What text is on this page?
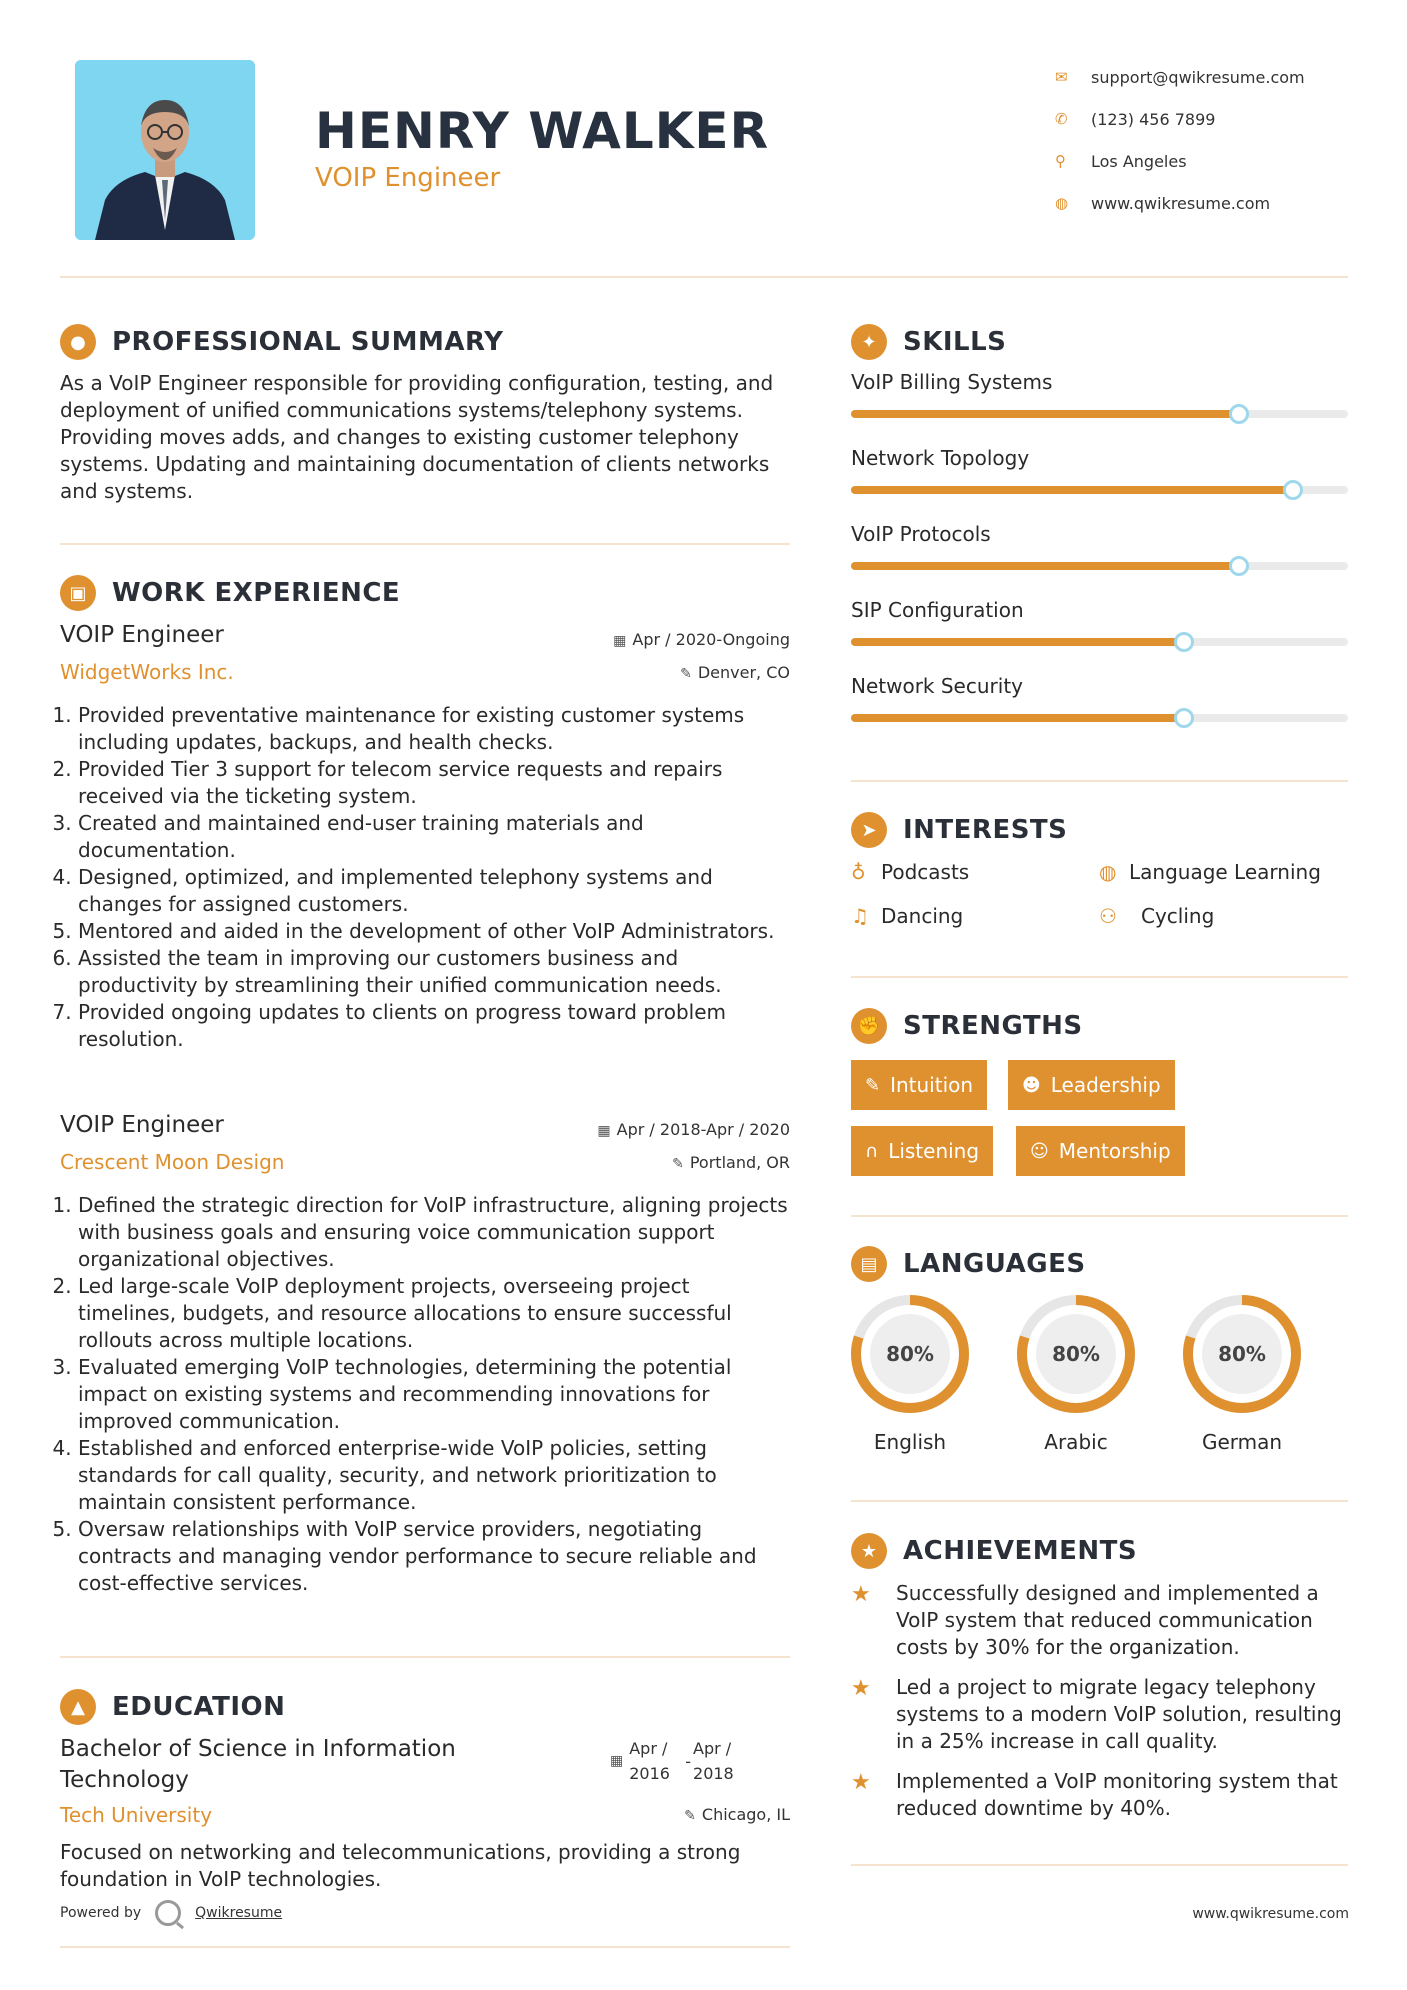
HENRY WALKER
VOIP Engineer
✉	support@qwikresume.com
✆	(123) 456 7899
⚲	Los Angeles
◍	www.qwikresume.com
●	PROFESSIONAL SUMMARY
As a VoIP Engineer responsible for providing configuration, testing, and deployment of unified communications systems/telephony systems. Providing moves adds, and changes to existing customer telephony systems. Updating and maintaining documentation of clients networks and systems.
▣ WORK EXPERIENCE
VOIP Engineer
WidgetWorks Inc.
▦ Apr / 2020-Ongoing
✎ Denver, CO
1. Provided preventative maintenance for existing customer systems including updates, backups, and health checks.
2. Provided Tier 3 support for telecom service requests and repairs received via the ticketing system.
3. Created and maintained end-user training materials and documentation.
4. Designed, optimized, and implemented telephony systems and changes for assigned customers.
5. Mentored and aided in the development of other VoIP Administrators.
6. Assisted the team in improving our customers business and productivity by streamlining their unified communication needs.
7. Provided ongoing updates to clients on progress toward problem resolution.
VOIP Engineer
Crescent Moon Design
▦ Apr / 2018-Apr / 2020
✎ Portland, OR
1. Defined the strategic direction for VoIP infrastructure, aligning projects with business goals and ensuring voice communication support organizational objectives.
2. Led large-scale VoIP deployment projects, overseeing project timelines, budgets, and resource allocations to ensure successful rollouts across multiple locations.
3. Evaluated emerging VoIP technologies, determining the potential impact on existing systems and recommending innovations for improved communication.
4. Established and enforced enterprise-wide VoIP policies, setting standards for call quality, security, and network prioritization to maintain consistent performance.
5. Oversaw relationships with VoIP service providers, negotiating contracts and managing vendor performance to secure reliable and cost-effective services.
▲	EDUCATION
Bachelor of Science in Information Technology
▦
Apr /
2016
-
Apr /
2018
Tech University	✎ Chicago, IL
Focused on networking and telecommunications, providing a strong foundation in VoIP technologies.
✦	SKILLS
VoIP Billing Systems
Network Topology
VoIP Protocols
SIP Configuration
Network Security
➤	INTERESTS
♁ Podcasts	◍ Language Learning
♫ Dancing	⚇	Cycling
✊ STRENGTHS
✎ Intuition	☻ Leadership
∩ Listening	☺ Mentorship
▤ LANGUAGES
80%
English
80%
Arabic
80%
German
★ ACHIEVEMENTS
★	Successfully designed and implemented a VoIP system that reduced communication costs by 30% for the organization.
★	Led a project to migrate legacy telephony systems to a modern VoIP solution, resulting in a 25% increase in call quality.
★	Implemented a VoIP monitoring system that reduced downtime by 40%.
Powered by	Qwikresume	www.qwikresume.com
